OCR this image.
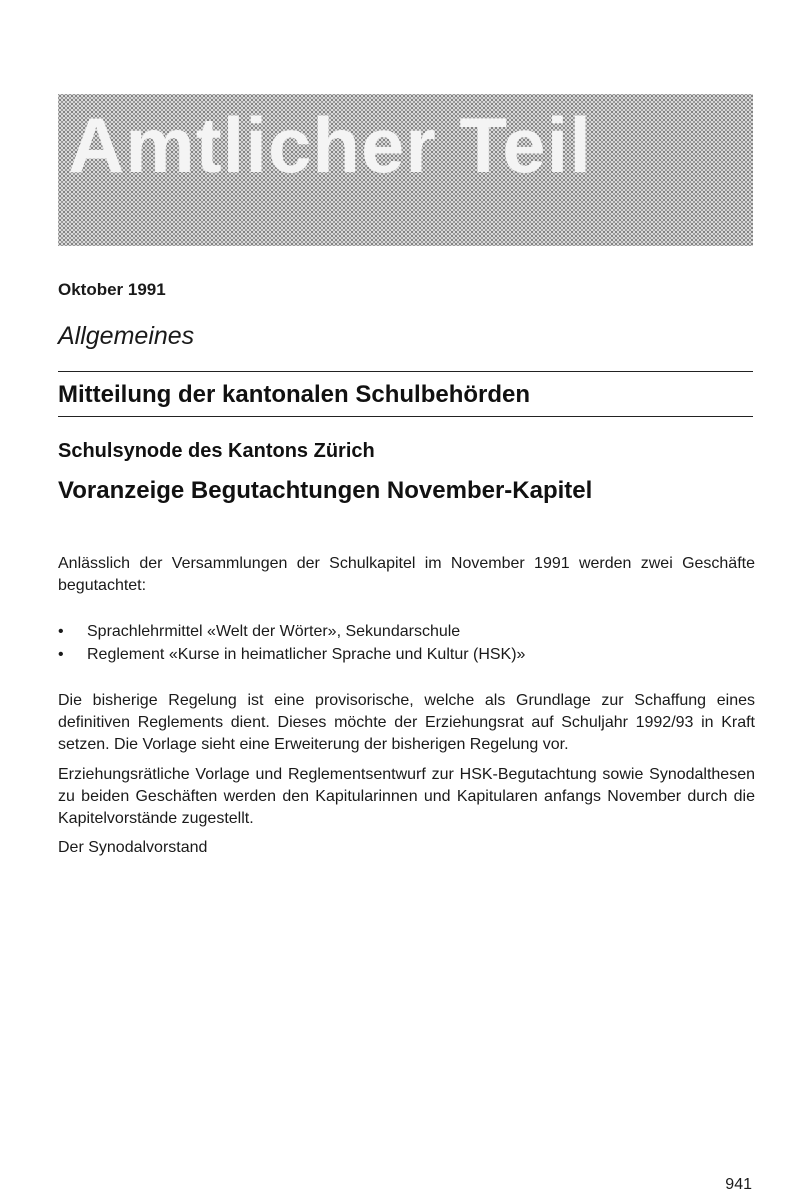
Amtlicher Teil
Oktober 1991
Allgemeines
Mitteilung der kantonalen Schulbehörden
Schulsynode des Kantons Zürich
Voranzeige Begutachtungen November-Kapitel

Anlässlich der Versammlungen der Schulkapitel im November 1991 werden zwei Geschäfte begutachtet:

• Sprachlehrmittel «Welt der Wörter», Sekundarschule
• Reglement «Kurse in heimatlicher Sprache und Kultur (HSK)»

Die bisherige Regelung ist eine provisorische, welche als Grundlage zur Schaffung eines definitiven Reglements dient. Dieses möchte der Erziehungsrat auf Schuljahr 1992/93 in Kraft setzen. Die Vorlage sieht eine Erweiterung der bisherigen Regelung vor.

Erziehungsrätliche Vorlage und Reglementsentwurf zur HSK-Begutachtung sowie Synodalthesen zu beiden Geschäften werden den Kapitularinnen und Kapitularen anfangs November durch die Kapitelvorstände zugestellt.

Der Synodalvorstand

941
